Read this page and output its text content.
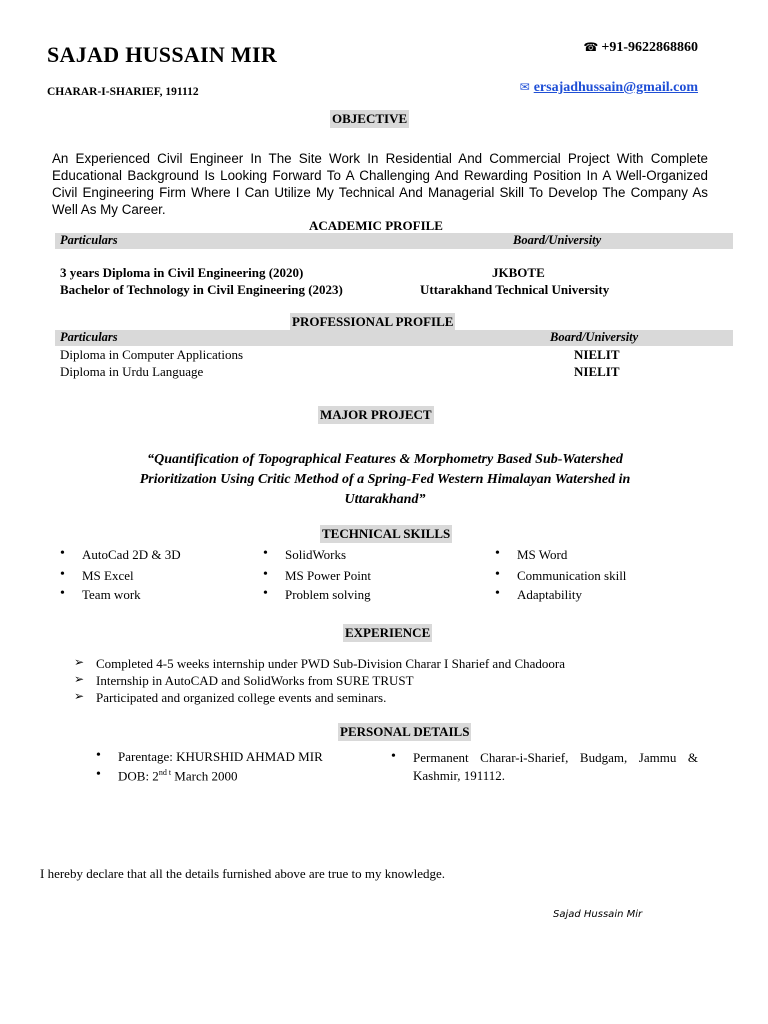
SAJAD HUSSAIN MIR
CHARAR-I-SHARIEF, 191112
☎ +91-9622868860
✉ ersajadhussain@gmail.com
OBJECTIVE
An Experienced Civil Engineer In The Site Work In Residential And Commercial Project With Complete Educational Background Is Looking Forward To A Challenging And Rewarding Position In A Well-Organized Civil Engineering Firm Where I Can Utilize My Technical And Managerial Skill To Develop The Company As Well As My Career.
ACADEMIC PROFILE
Particulars	Board/University
3 years Diploma in Civil Engineering (2020)	JKBOTE
Bachelor of Technology in Civil Engineering (2023)	Uttarakhand Technical University
PROFESSIONAL PROFILE
Particulars	Board/University
Diploma in Computer Applications	NIELIT
Diploma in Urdu Language	NIELIT
MAJOR PROJECT
“Quantification of Topographical Features & Morphometry Based Sub-Watershed
Prioritization Using Critic Method of a Spring-Fed Western Himalayan Watershed in
Uttarakhand”
TECHNICAL SKILLS
• AutoCad 2D & 3D	• SolidWorks	• MS Word
• MS Excel	• MS Power Point	• Communication skill
• Team work	• Problem solving	• Adaptability
EXPERIENCE
➢ Completed 4-5 weeks internship under PWD Sub-Division Charar I Sharief and Chadoora
➢ Internship in AutoCAD and SolidWorks from SURE TRUST
➢ Participated and organized college events and seminars.
PERSONAL DETAILS
• Parentage: KHURSHID AHMAD MIR
• DOB: $2^{nd t}$ March 2000
• Permanent Charar-i-Sharief, Budgam, Jammu &
Kashmir, 191112.
I hereby declare that all the details furnished above are true to my knowledge.
Sajad Hussain Mir
